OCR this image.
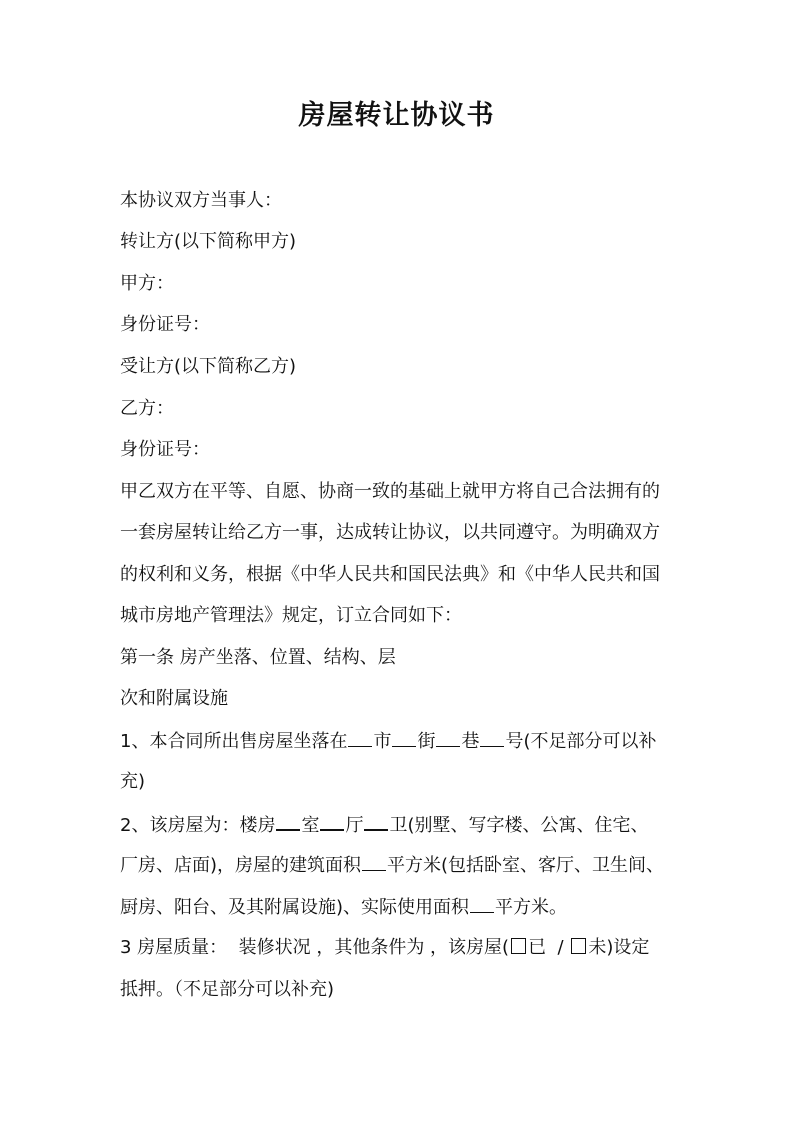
房屋转让协议书
本协议双方当事人：
转让方(以下简称甲方)
甲方：
身份证号：
受让方(以下简称乙方)
乙方：
身份证号：
甲乙双方在平等、自愿、协商一致的基础上就甲方将自己合法拥有的
一套房屋转让给乙方一事，达成转让协议，以共同遵守。为明确双方
的权利和义务，根据《中华人民共和国民法典》和《中华人民共和国
城市房地产管理法》规定，订立合同如下：
第一条 房产坐落、位置、结构、层
次和附属设施
1、本合同所出售房屋坐落在 市 街 巷 号(不足部分可以补
充)
2、该房屋为：楼房 室 厅 卫(别墅、写字楼、公寓、住宅、
厂房、店面)，房屋的建筑面积 平方米(包括卧室、客厅、卫生间、
厨房、阳台、及其附属设施)、实际使用面积 平方米。
3 房屋质量：  装修状况 ，其他条件为 ，该房屋( 已  / 未)设定
抵押。（不足部分可以补充)
